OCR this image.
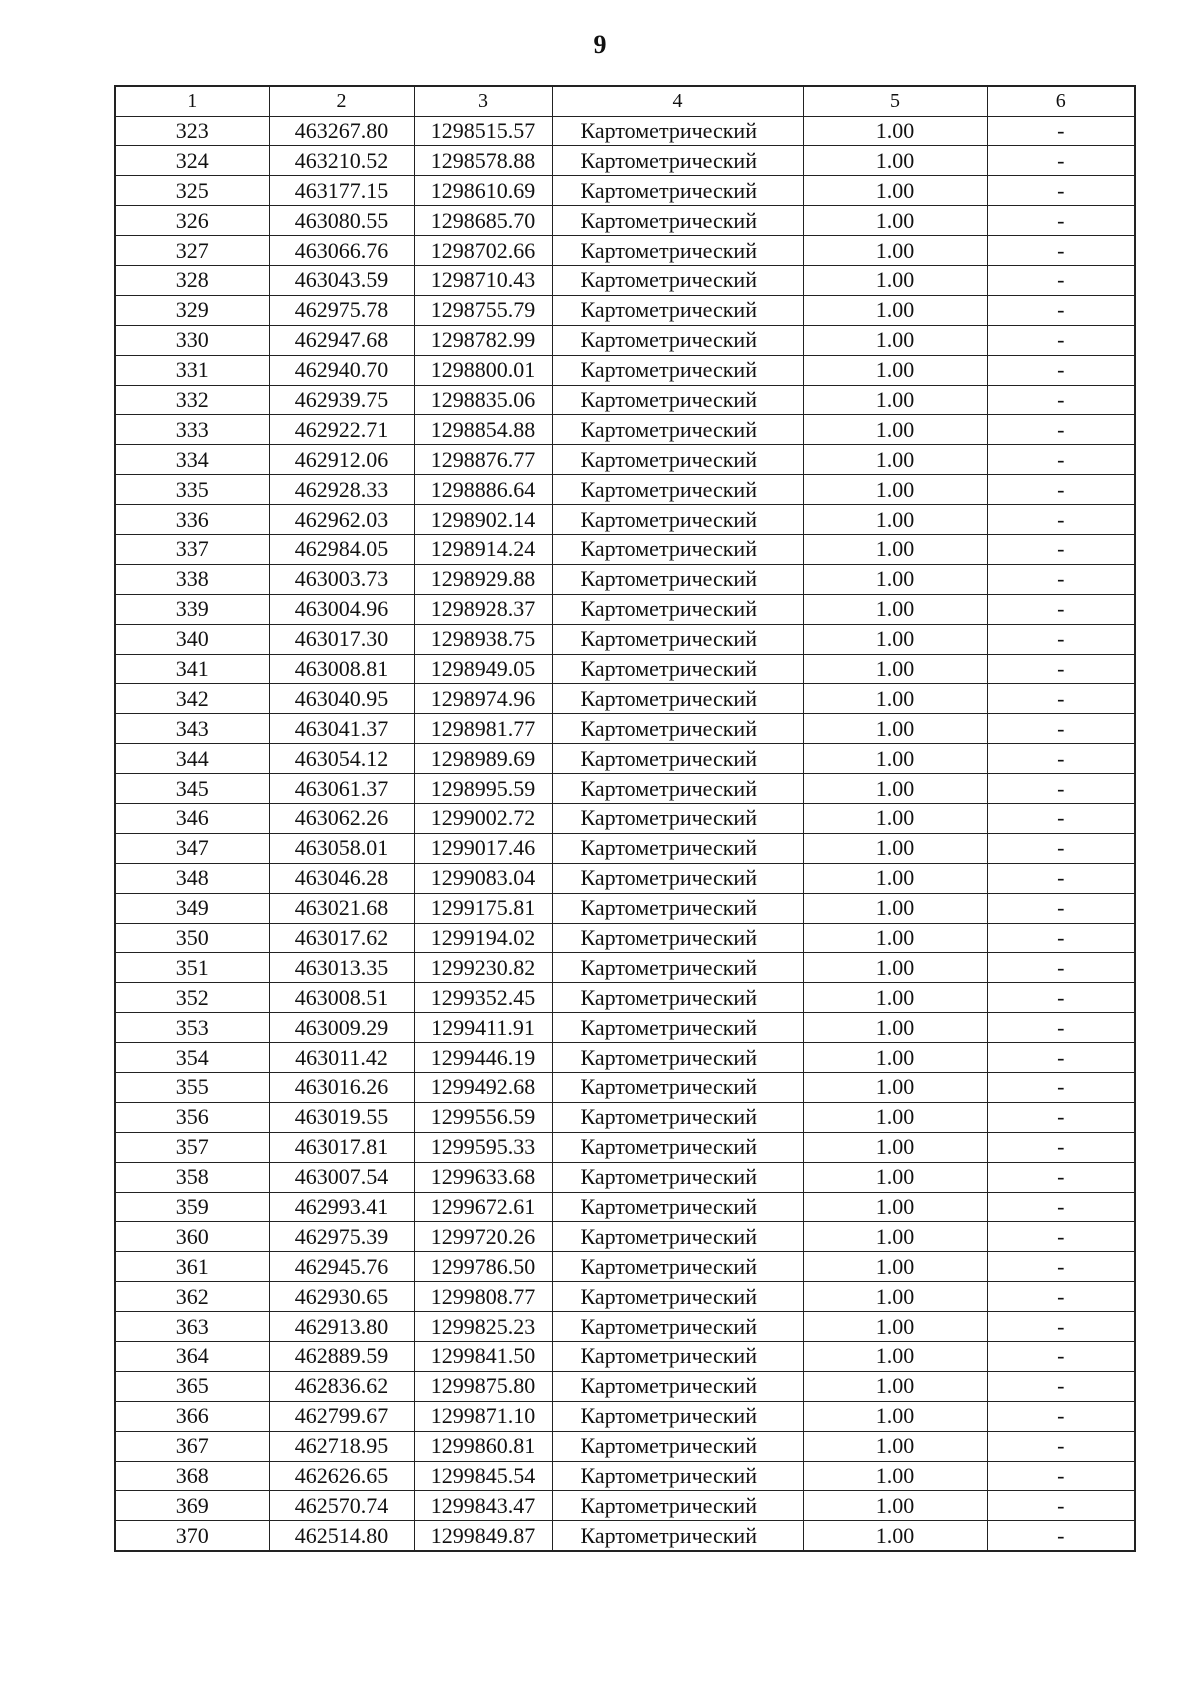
9
1	2	3	4	5	6
323	463267.80	1298515.57	Картометрический	1.00	-
324	463210.52	1298578.88	Картометрический	1.00	-
325	463177.15	1298610.69	Картометрический	1.00	-
326	463080.55	1298685.70	Картометрический	1.00	-
327	463066.76	1298702.66	Картометрический	1.00	-
328	463043.59	1298710.43	Картометрический	1.00	-
329	462975.78	1298755.79	Картометрический	1.00	-
330	462947.68	1298782.99	Картометрический	1.00	-
331	462940.70	1298800.01	Картометрический	1.00	-
332	462939.75	1298835.06	Картометрический	1.00	-
333	462922.71	1298854.88	Картометрический	1.00	-
334	462912.06	1298876.77	Картометрический	1.00	-
335	462928.33	1298886.64	Картометрический	1.00	-
336	462962.03	1298902.14	Картометрический	1.00	-
337	462984.05	1298914.24	Картометрический	1.00	-
338	463003.73	1298929.88	Картометрический	1.00	-
339	463004.96	1298928.37	Картометрический	1.00	-
340	463017.30	1298938.75	Картометрический	1.00	-
341	463008.81	1298949.05	Картометрический	1.00	-
342	463040.95	1298974.96	Картометрический	1.00	-
343	463041.37	1298981.77	Картометрический	1.00	-
344	463054.12	1298989.69	Картометрический	1.00	-
345	463061.37	1298995.59	Картометрический	1.00	-
346	463062.26	1299002.72	Картометрический	1.00	-
347	463058.01	1299017.46	Картометрический	1.00	-
348	463046.28	1299083.04	Картометрический	1.00	-
349	463021.68	1299175.81	Картометрический	1.00	-
350	463017.62	1299194.02	Картометрический	1.00	-
351	463013.35	1299230.82	Картометрический	1.00	-
352	463008.51	1299352.45	Картометрический	1.00	-
353	463009.29	1299411.91	Картометрический	1.00	-
354	463011.42	1299446.19	Картометрический	1.00	-
355	463016.26	1299492.68	Картометрический	1.00	-
356	463019.55	1299556.59	Картометрический	1.00	-
357	463017.81	1299595.33	Картометрический	1.00	-
358	463007.54	1299633.68	Картометрический	1.00	-
359	462993.41	1299672.61	Картометрический	1.00	-
360	462975.39	1299720.26	Картометрический	1.00	-
361	462945.76	1299786.50	Картометрический	1.00	-
362	462930.65	1299808.77	Картометрический	1.00	-
363	462913.80	1299825.23	Картометрический	1.00	-
364	462889.59	1299841.50	Картометрический	1.00	-
365	462836.62	1299875.80	Картометрический	1.00	-
366	462799.67	1299871.10	Картометрический	1.00	-
367	462718.95	1299860.81	Картометрический	1.00	-
368	462626.65	1299845.54	Картометрический	1.00	-
369	462570.74	1299843.47	Картометрический	1.00	-
370	462514.80	1299849.87	Картометрический	1.00	-
